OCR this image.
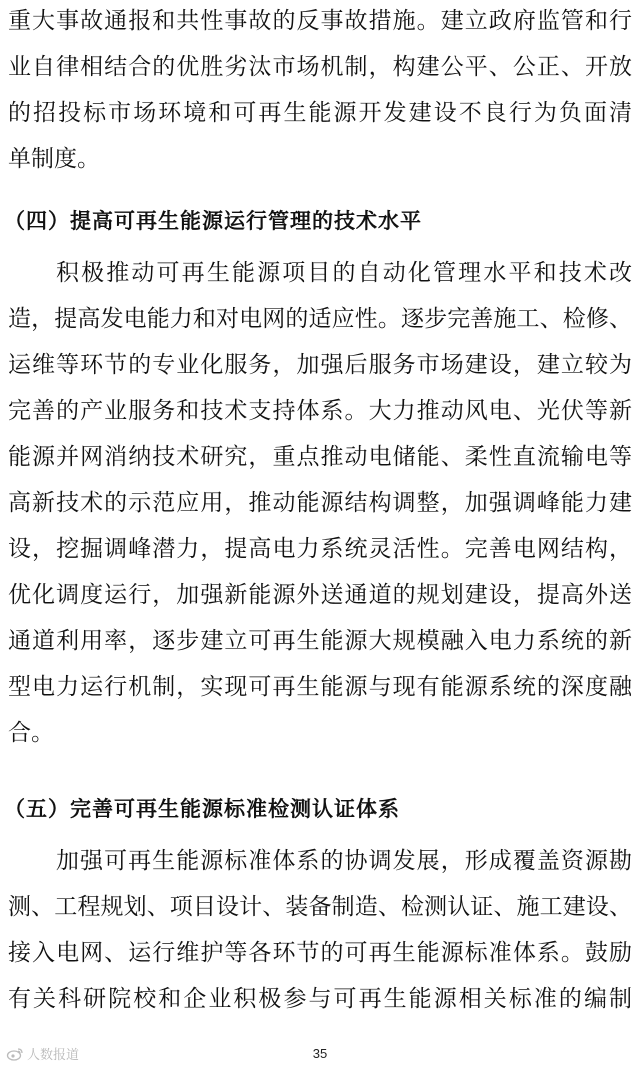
重大事故通报和共性事故的反事故措施。建立政府监管和行
业自律相结合的优胜劣汰市场机制，构建公平、公正、开放
的招投标市场环境和可再生能源开发建设不良行为负面清
单制度。
（四）提高可再生能源运行管理的技术水平
积极推动可再生能源项目的自动化管理水平和技术改
造，提高发电能力和对电网的适应性。逐步完善施工、检修、
运维等环节的专业化服务，加强后服务市场建设，建立较为
完善的产业服务和技术支持体系。大力推动风电、光伏等新
能源并网消纳技术研究，重点推动电储能、柔性直流输电等
高新技术的示范应用，推动能源结构调整，加强调峰能力建
设，挖掘调峰潜力，提高电力系统灵活性。完善电网结构，
优化调度运行，加强新能源外送通道的规划建设，提高外送
通道利用率，逐步建立可再生能源大规模融入电力系统的新
型电力运行机制，实现可再生能源与现有能源系统的深度融
合。
（五）完善可再生能源标准检测认证体系
加强可再生能源标准体系的协调发展，形成覆盖资源勘
测、工程规划、项目设计、装备制造、检测认证、施工建设、
接入电网、运行维护等各环节的可再生能源标准体系。鼓励
有关科研院校和企业积极参与可再生能源相关标准的编制
人数报道	35
